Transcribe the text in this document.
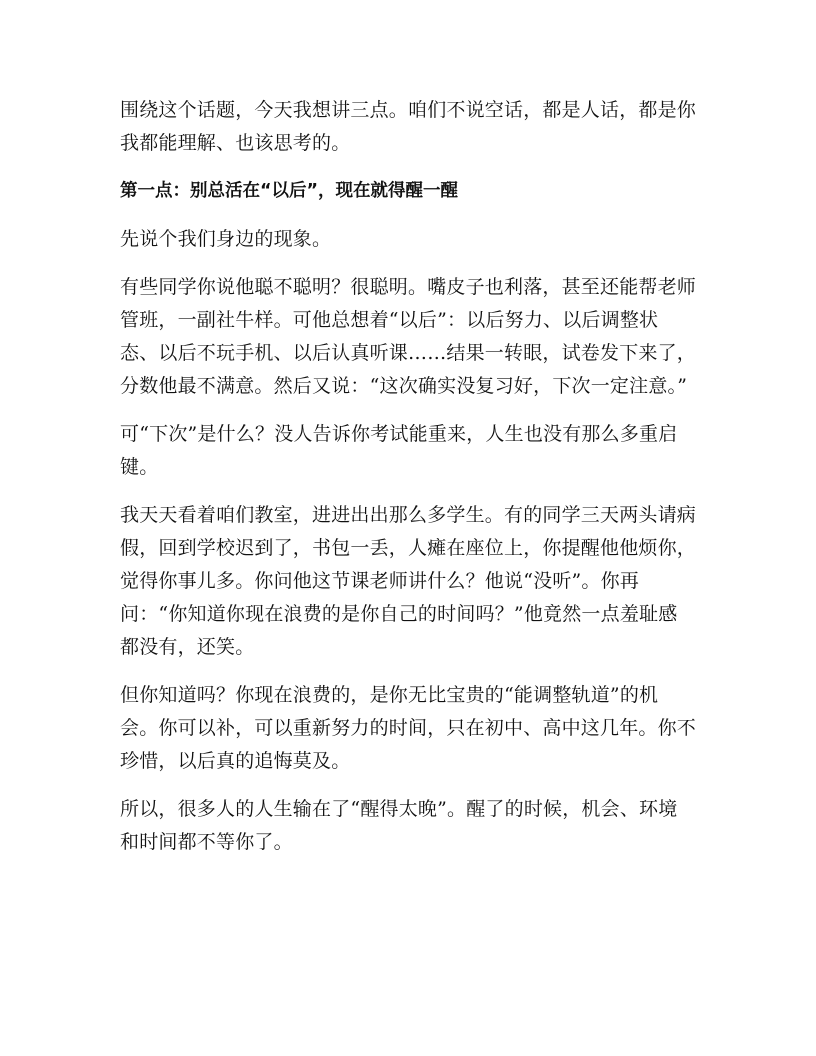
围绕这个话题，今天我想讲三点。咱们不说空话，都是人话，都是你我都能理解、也该思考的。

第一点：别总活在“以后”，现在就得醒一醒

先说个我们身边的现象。

有些同学你说他聪不聪明？很聪明。嘴皮子也利落，甚至还能帮老师管班，一副社牛样。可他总想着“以后”：以后努力、以后调整状态、以后不玩手机、以后认真听课……结果一转眼，试卷发下来了，分数他最不满意。然后又说：“这次确实没复习好，下次一定注意。”

可“下次”是什么？没人告诉你考试能重来，人生也没有那么多重启键。

我天天看着咱们教室，进进出出那么多学生。有的同学三天两头请病假，回到学校迟到了，书包一丢，人瘫在座位上，你提醒他他烦你，觉得你事儿多。你问他这节课老师讲什么？他说“没听”。你再问：“你知道你现在浪费的是你自己的时间吗？”他竟然一点羞耻感都没有，还笑。

但你知道吗？你现在浪费的，是你无比宝贵的“能调整轨道”的机会。你可以补，可以重新努力的时间，只在初中、高中这几年。你不珍惜，以后真的追悔莫及。

所以，很多人的人生输在了“醒得太晚”。醒了的时候，机会、环境和时间都不等你了。
